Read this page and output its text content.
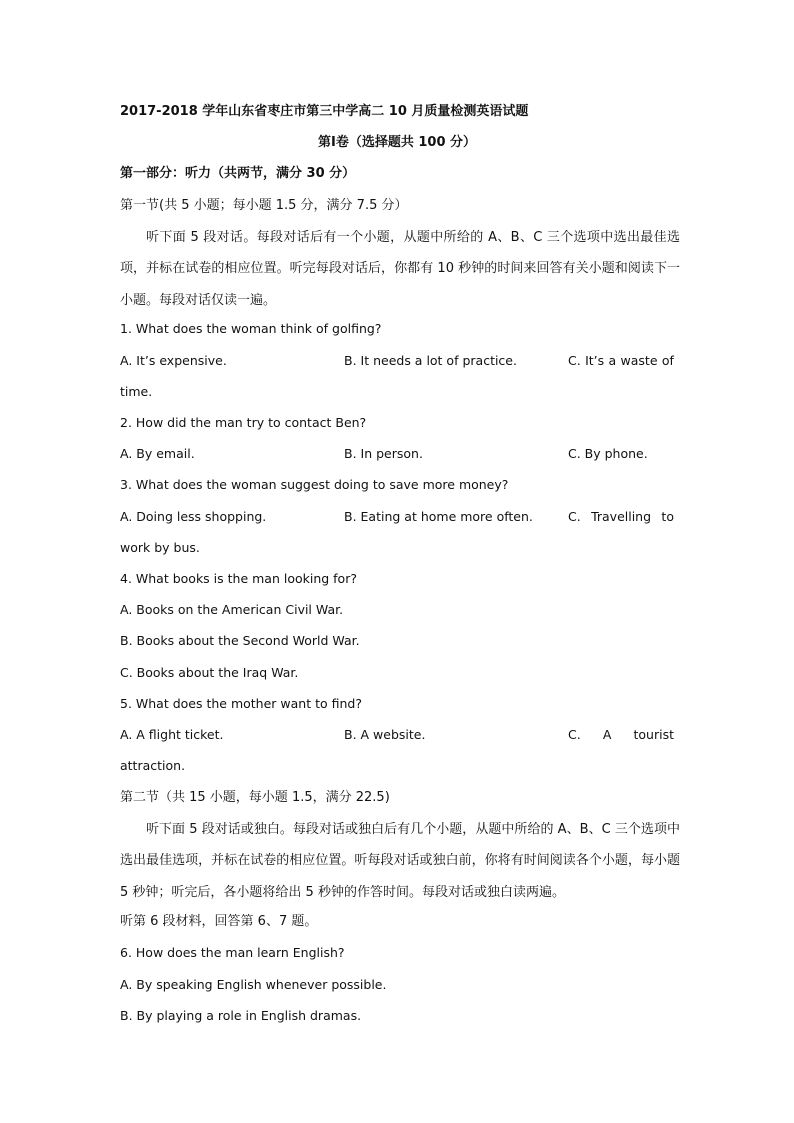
2017-2018 学年山东省枣庄市第三中学高二 10 月质量检测英语试题
第Ⅰ卷（选择题共 100 分）
第一部分：听力（共两节，满分 30 分）
第一节(共 5 小题；每小题 1.5 分，满分 7.5 分）
听下面 5 段对话。每段对话后有一个小题，从题中所给的 A、B、C 三个选项中选出最佳选项，并标在试卷的相应位置。听完每段对话后，你都有 10 秒钟的时间来回答有关小题和阅读下一小题。每段对话仅读一遍。
1. What does the woman think of golfing?
A. It’s expensive.	B. It needs a lot of practice.	C. It’s a waste of
time.
2. How did the man try to contact Ben?
A. By email.	B. In person.	C. By phone.
3. What does the woman suggest doing to save more money?
A. Doing less shopping.	B. Eating at home more often.	C. Travelling to
work by bus.
4. What books is the man looking for?
A. Books on the American Civil War.
B. Books about the Second World War.
C. Books about the Iraq War.
5. What does the mother want to find?
A. A flight ticket.	B. A website.	C. A tourist
attraction.
第二节（共 15 小题，每小题 1.5，满分 22.5)
听下面 5 段对话或独白。每段对话或独白后有几个小题，从题中所给的 A、B、C 三个选项中选出最佳选项，并标在试卷的相应位置。听每段对话或独白前，你将有时间阅读各个小题，每小题 5 秒钟；听完后，各小题将给出 5 秒钟的作答时间。每段对话或独白读两遍。
听第 6 段材料，回答第 6、7 题。
6. How does the man learn English?
A. By speaking English whenever possible.
B. By playing a role in English dramas.
